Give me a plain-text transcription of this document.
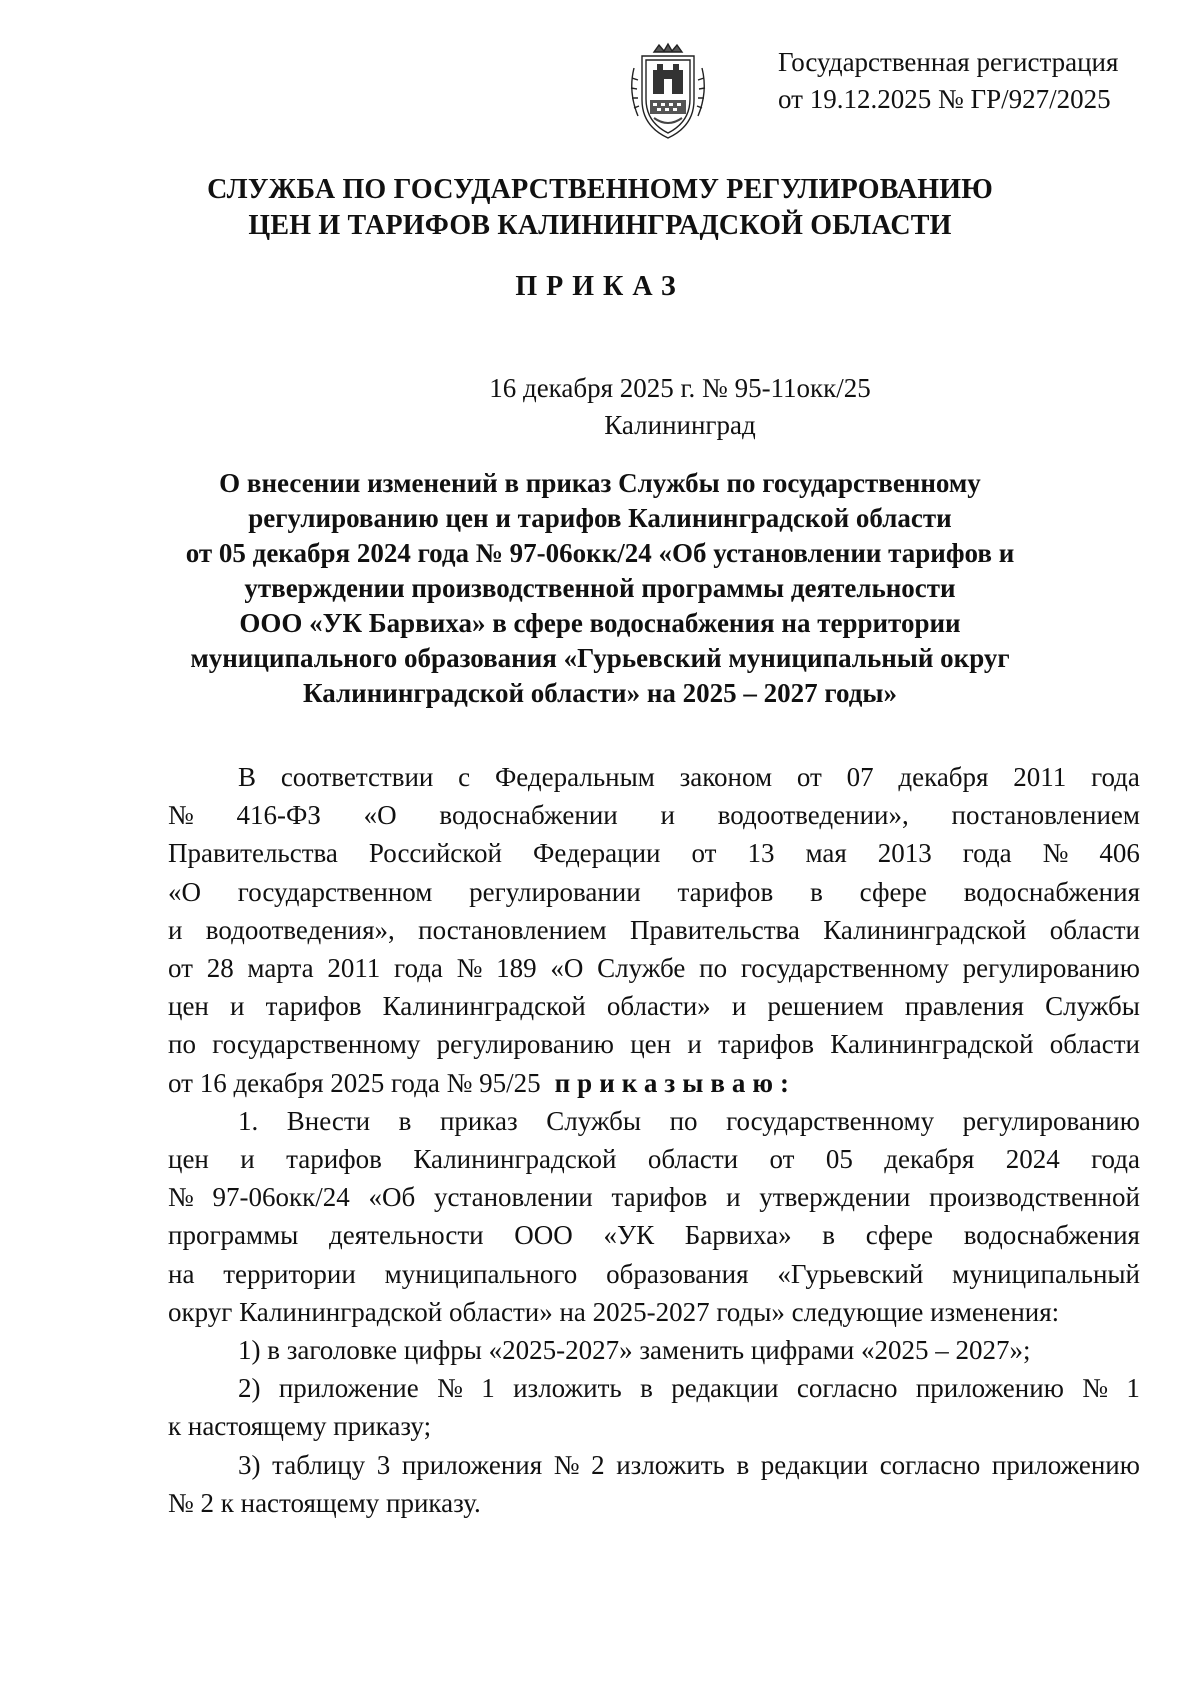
Государственная регистрация
от 19.12.2025 № ГР/927/2025
СЛУЖБА ПО ГОСУДАРСТВЕННОМУ РЕГУЛИРОВАНИЮ
ЦЕН И ТАРИФОВ КАЛИНИНГРАДСКОЙ ОБЛАСТИ
ПРИКАЗ
16 декабря 2025 г. № 95-11окк/25
Калининград
О внесении изменений в приказ Службы по государственному
регулированию цен и тарифов Калининградской области
от 05 декабря 2024 года № 97-06окк/24 «Об установлении тарифов и
утверждении производственной программы деятельности
ООО «УК Барвиха» в сфере водоснабжения на территории
муниципального образования «Гурьевский муниципальный округ
Калининградской области» на 2025 – 2027 годы»
В соответствии с Федеральным законом от 07 декабря 2011 года
№ 416-ФЗ «О водоснабжении и водоотведении», постановлением
Правительства Российской Федерации от 13 мая 2013 года № 406
«О государственном регулировании тарифов в сфере водоснабжения
и водоотведения», постановлением Правительства Калининградской области
от 28 марта 2011 года № 189 «О Службе по государственному регулированию
цен и тарифов Калининградской области» и решением правления Службы
по государственному регулированию цен и тарифов Калининградской области
от 16 декабря 2025 года № 95/25 приказываю:
1. Внести в приказ Службы по государственному регулированию
цен и тарифов Калининградской области от 05 декабря 2024 года
№ 97-06окк/24 «Об установлении тарифов и утверждении производственной
программы деятельности ООО «УК Барвиха» в сфере водоснабжения
на территории муниципального образования «Гурьевский муниципальный
округ Калининградской области» на 2025-2027 годы» следующие изменения:
1) в заголовке цифры «2025-2027» заменить цифрами «2025 – 2027»;
2) приложение № 1 изложить в редакции согласно приложению № 1
к настоящему приказу;
3) таблицу 3 приложения № 2 изложить в редакции согласно приложению
№ 2 к настоящему приказу.
